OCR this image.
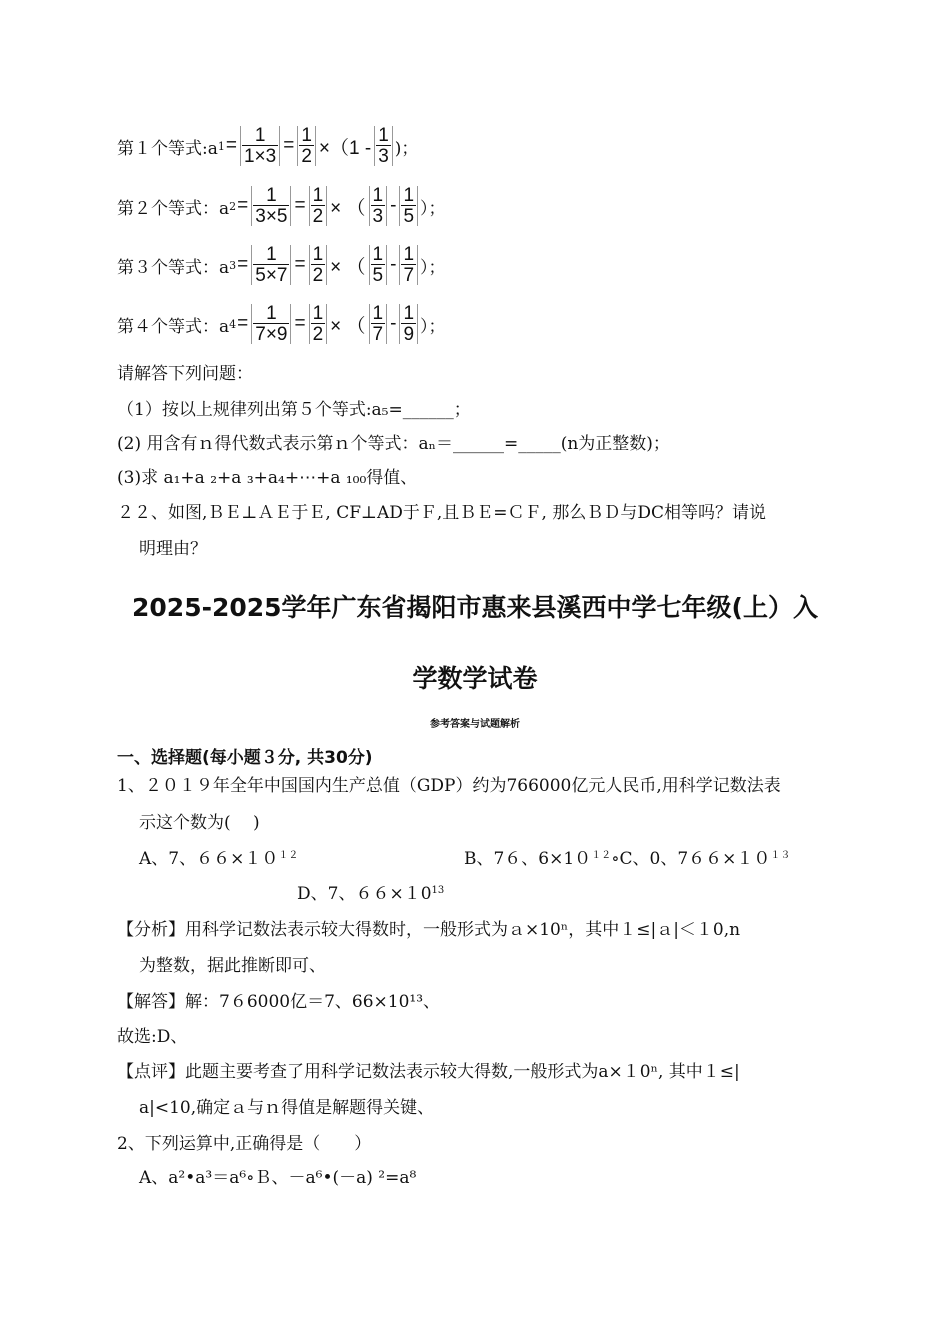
第１个等式:a $1 = \frac{1}{1\times 3} = \frac{1}{2} \times(1 - \frac{1}{3}$ )；
第２个等式：a $2 = \frac{1}{3\times 5} = \frac{1}{2}$ × （ $\frac{1}{3} - \frac{1}{5}$ ）；
第３个等式：a $3 = \frac{1}{5\times 7} = \frac{1}{2}$ × （ $\frac{1}{5} - \frac{1}{7}$ ）；
第４个等式：a $4 = \frac{1}{7\times 9} = \frac{1}{2}$ × （ $\frac{1}{7} - \frac{1}{9}$ ）；
请解答下列问题：
（1）按以上规律列出第５个等式:a₅=______；
(2) 用含有ｎ得代数式表示第ｎ个等式：aₙ＝______=_____(n为正整数)；
(3)求 a₁+a ₂+a ₃+a₄+⋯+a ₁₀₀得值、
２２、如图,ＢＥ⊥ＡＥ于Ｅ, CF⊥AD于Ｆ,且ＢＥ=ＣＦ, 那么ＢＤ与DC相等吗？请说
明理由？
2025-2025学年广东省揭阳市惠来县溪西中学七年级(上）入
学数学试卷
参考答案与试题解析
一、选择题(每小题３分, 共30分)
1、２０１９年全年中国国内生产总值（GDP）约为766000亿元人民币,用科学记数法表
示这个数为(　 )
A、7、$66\times 10^{12}$	B、7６、$6\times 10^{12}\circ C$、0、$766\times 10^{13}$
D、7、$66\times 10^{13}$
【分析】用科学记数法表示较大得数时，一般形式为ａ×10ⁿ，其中１≤|ａ|＜１0,n
为整数，据此推断即可、
【解答】解：7６6000亿＝7、66×10¹³、
故选:D、
【点评】此题主要考查了用科学记数法表示较大得数,一般形式为a×１0ⁿ, 其中１≤|
a|<10,确定ａ与ｎ得值是解题得关键、
2、下列运算中,正确得是（　　）
A、a²•a³＝a⁶∘Ｂ、－a⁶•(－a) ²=a⁸
